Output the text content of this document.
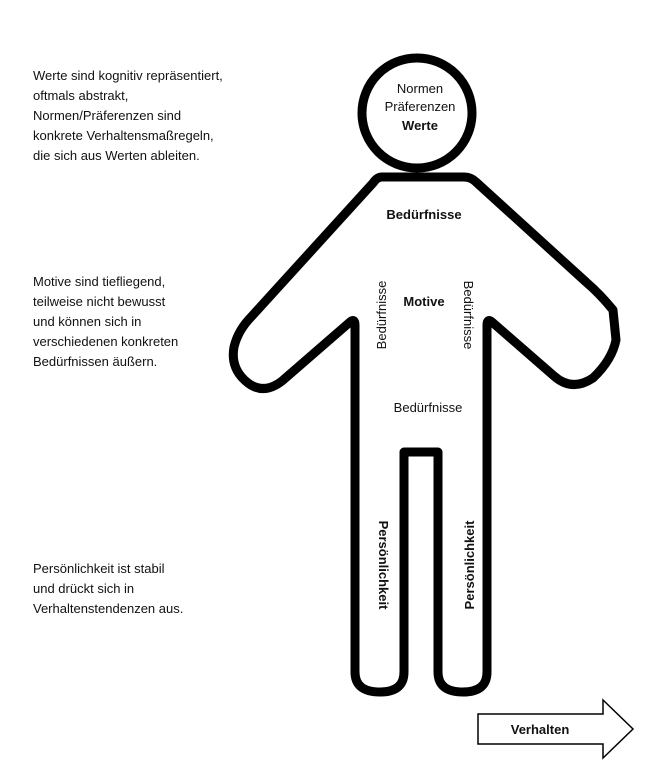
Werte sind kognitiv repräsentiert,
oftmals abstrakt,
Normen/Präferenzen sind
konkrete Verhaltensmaßregeln,
die sich aus Werten ableiten.
Motive sind tiefliegend,
teilweise nicht bewusst
und können sich in
verschiedenen konkreten
Bedürfnissen äußern.
Persönlichkeit ist stabil
und drückt sich in
Verhaltenstendenzen aus.
Normen
Präferenzen
Werte
Bedürfnisse
Bedürfnisse	Bedürfnisse
Motive
Bedürfnisse
Persönlichkeit	Persönlichkeit
Verhalten
